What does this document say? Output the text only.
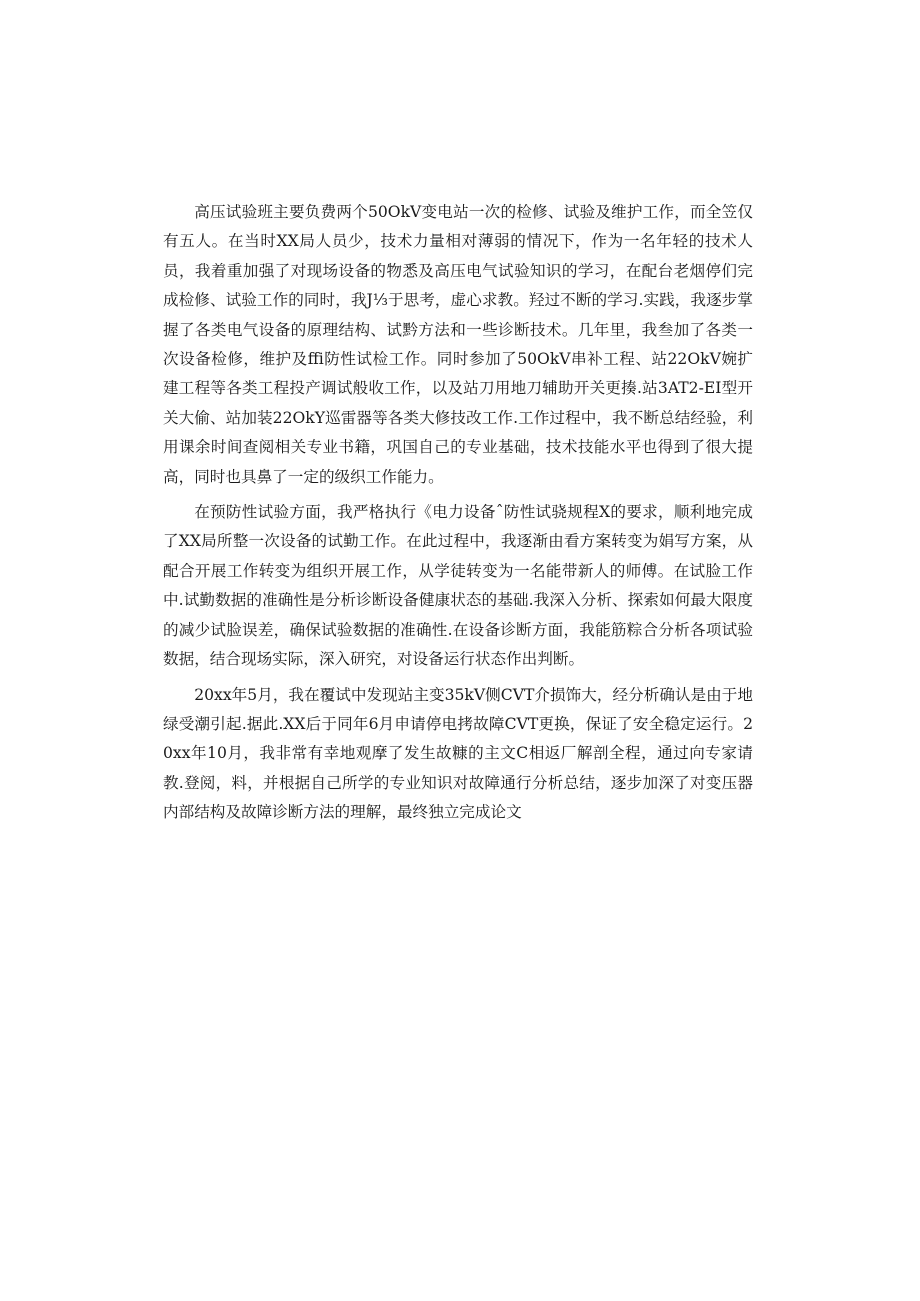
高压试验班主要负费两个50OkV变电站一次的检修、试验及维护工作，而全笠仅有五人。在当时XX局人员少，技术力量相对薄弱的情况下，作为一名年轻的技术人员，我着重加强了对现场设备的物悉及高压电气试验知识的学习，在配台老烟停们完成检修、试验工作的同时，我J⅓于思考，虚心求教。羟过不断的学习.实践，我逐步掌握了各类电气设备的原理结构、试黔方法和一些诊断技术。几年里，我叁加了各类一次设备检修，维护及ffi防性试检工作。同时参加了50OkV串补工程、站22OkV婉扩建工程等各类工程投产调试般收工作，以及站刀用地刀辅助开关更揍.站3AT2-EI型开关大偷、站加装22OkY巡雷器等各类大修技改工作.工作过程中，我不断总结经验，利用课余时间查阅相关专业书籍，巩国自己的专业基础，技术技能水平也得到了很大提高，同时也具鼻了一定的级织工作能力。

在预防性试验方面，我严格执行《电力设备ˆ防性试骁规程X的要求，顺利地完成了XX局所整一次设备的试勤工作。在此过程中，我逐渐由看方案转变为娟写方案，从配合开展工作转变为组织开展工作，从学徒转变为一名能带新人的师傅。在试脸工作中.试勤数据的准确性是分析诊断设备健康状态的基础.我深入分析、探索如何最大限度的减少试脸误差，确保试验数据的准确性.在设备诊断方面，我能筋粽合分析各项试验数据，结合现场实际，深入研究，对设备运行状态作出判断。

20xx年5月，我在覆试中发现站主变35kV侧CVT介损饰大，经分析确认是由于地绿受潮引起.据此.XX后于同年6月申请停电拷故障CVT更换，保证了安全稳定运行。20xx年10月，我非常有幸地观摩了发生故糠的主文C相返厂解剖全程，通过向专家请教.登阅，料，并根据自己所学的专业知识对故障通行分析总结，逐步加深了对变压器内部结构及故障诊断方法的理解，最终独立完成论文
